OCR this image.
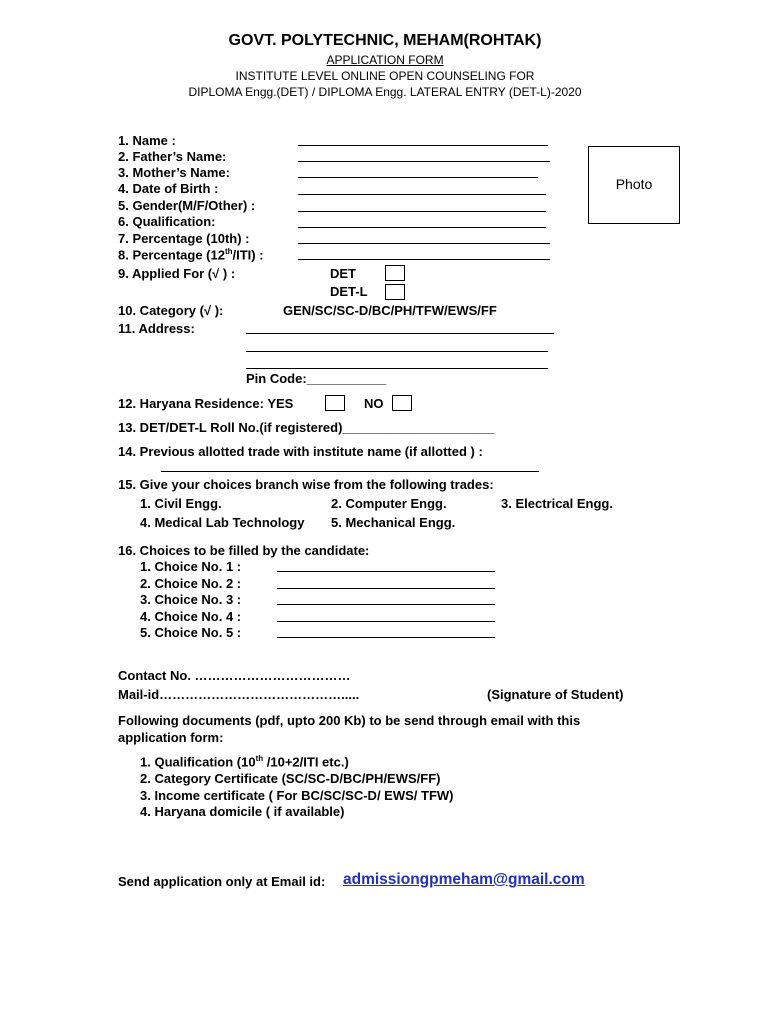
GOVT. POLYTECHNIC, MEHAM(ROHTAK)
APPLICATION FORM
INSTITUTE LEVEL ONLINE OPEN COUNSELING FOR
DIPLOMA Engg.(DET) / DIPLOMA Engg. LATERAL ENTRY (DET-L)-2020
Photo
1. Name :
2. Father’s Name:
3. Mother’s Name:
4. Date of Birth :
5. Gender(M/F/Other) :
6. Qualification:
7. Percentage (10th) :
8. Percentage (12th/ITI) :
9. Applied For (√ ) :	DET
DET-L
10. Category (√ ):	GEN/SC/SC-D/BC/PH/TFW/EWS/FF
11. Address:
Pin Code:___________
12. Haryana Residence: YES	NO
13. DET/DET-L Roll No.(if registered)_____________________
14. Previous allotted trade with institute name (if allotted ) :
15. Give your choices branch wise from the following trades:
1. Civil Engg.	2. Computer Engg.	3. Electrical Engg.
4. Medical Lab Technology 5. Mechanical Engg.
16. Choices to be filled by the candidate:
1. Choice No. 1 :
2. Choice No. 2 :
3. Choice No. 3 :
4. Choice No. 4 :
5. Choice No. 5 :
Contact No. ………………………………
Mail-id…………………………………….....	(Signature of Student)
Following documents (pdf, upto 200 Kb) to be send through email with this
application form:
1. Qualification (10th /10+2/ITI etc.)
2. Category Certificate (SC/SC-D/BC/PH/EWS/FF)
3. Income certificate ( For BC/SC/SC-D/ EWS/ TFW)
4. Haryana domicile ( if available)
Send application only at Email id: admissiongpmeham@gmail.com
